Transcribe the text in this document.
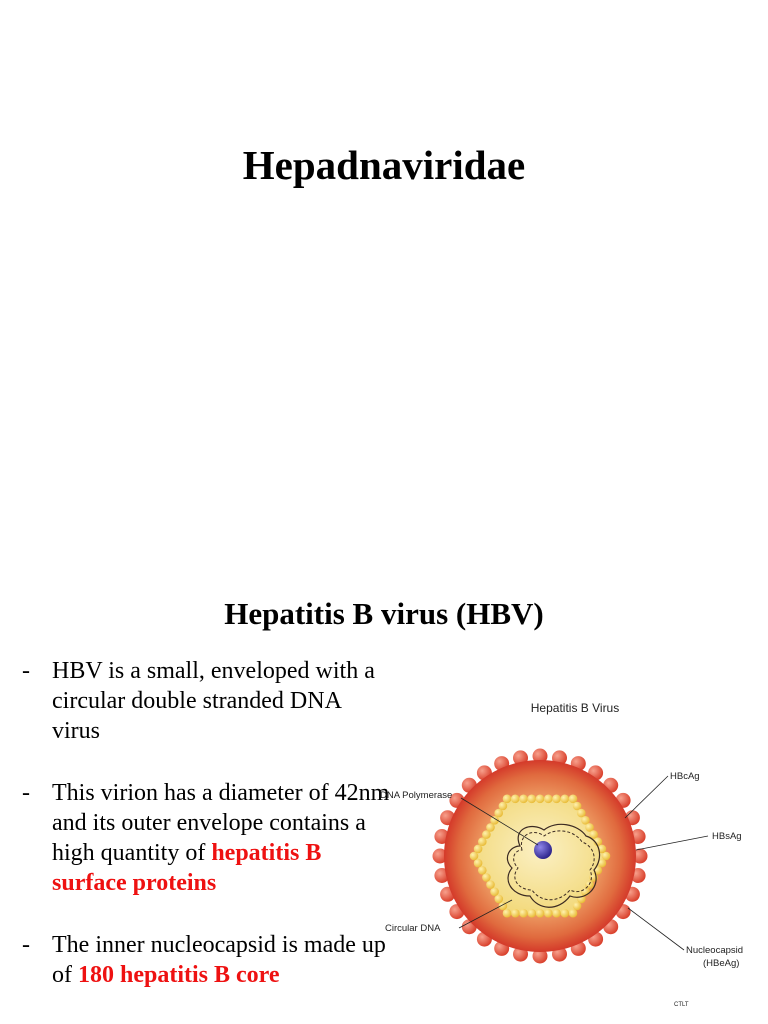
Hepadnaviridae
Hepatitis B virus (HBV)
- HBV is a small, enveloped with a circular double stranded DNA virus
- This virion has a diameter of 42nm and its outer envelope contains a high quantity of hepatitis B surface proteins
- The inner nucleocapsid is made up of 180 hepatitis B core
Hepatitis B Virus
DNA Polymerase
Circular DNA
HBcAg
HBsAg
Nucleocapsid
(HBeAg)
CTLT
